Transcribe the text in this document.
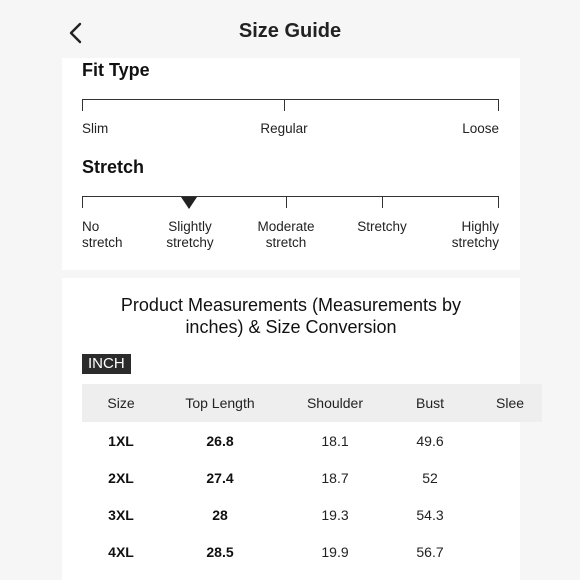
Size Guide
Fit Type
Slim	Regular	Loose
Stretch
No
stretch
Slightly
stretchy
Moderate
stretch
Stretchy	Highly
stretchy
Product Measurements (Measurements by
inches) & Size Conversion
INCH
Size	Top Length	Shoulder	Bust	Slee
1XL	26.8	18.1	49.6
2XL	27.4	18.7	52
3XL	28	19.3	54.3
4XL	28.5	19.9	56.7
